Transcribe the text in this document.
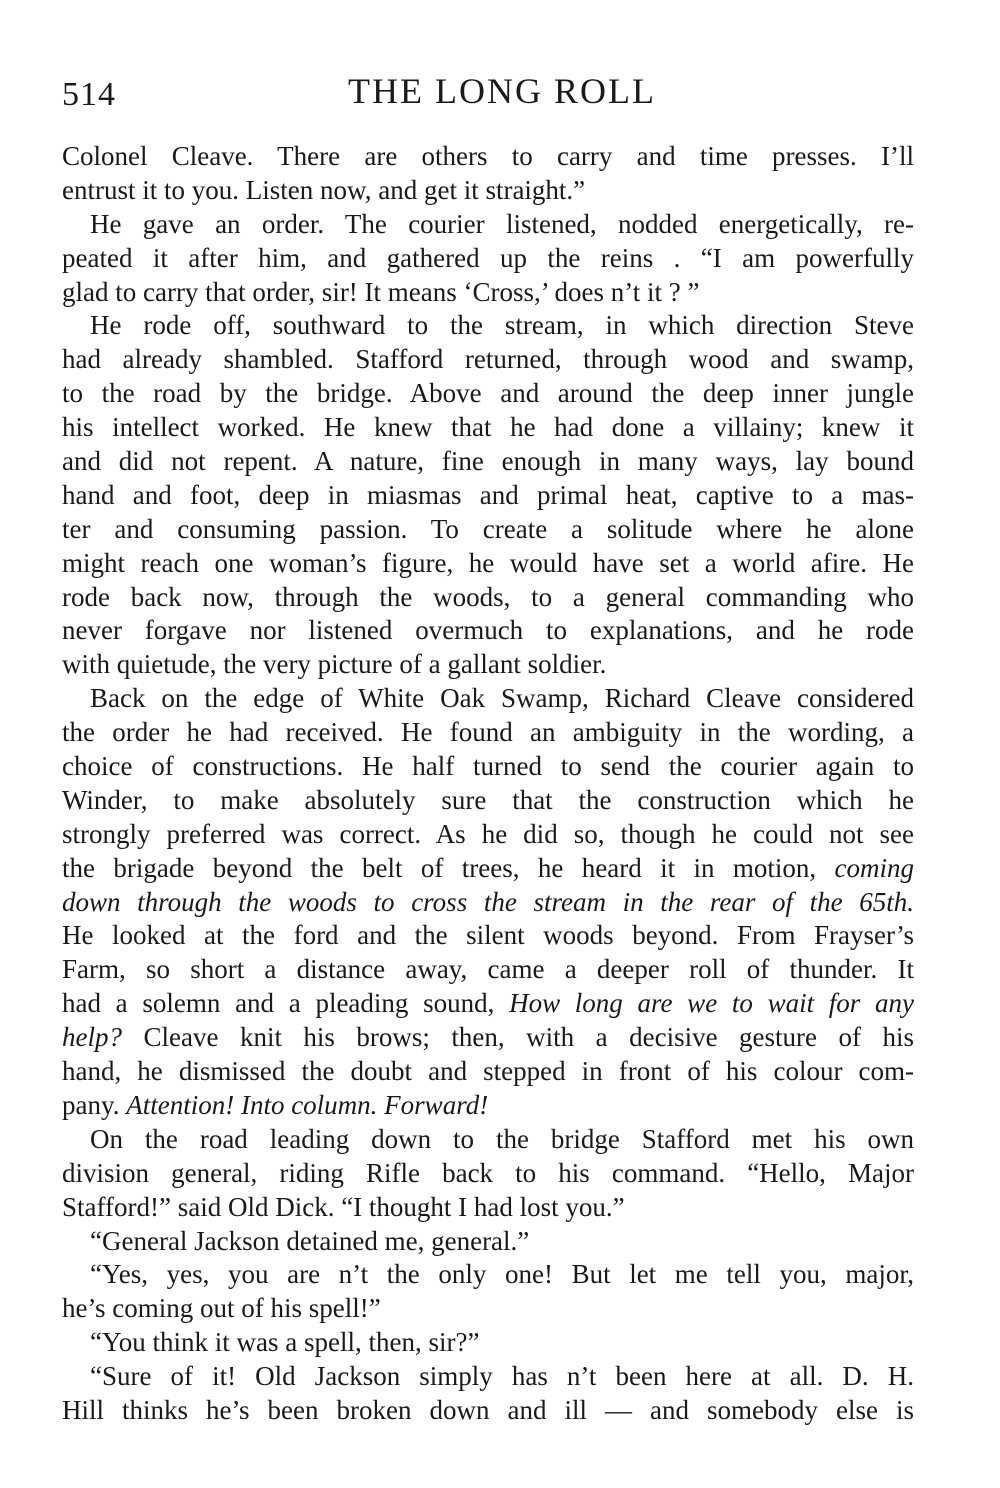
514	THE LONG ROLL
Colonel Cleave. There are others to carry and time presses. I’ll
entrust it to you. Listen now, and get it straight.”
He gave an order. The courier listened, nodded energetically, re-
peated it after him, and gathered up the reins . “I am powerfully
glad to carry that order, sir! It means ‘Cross,’ does n’t it ? ”
He rode off, southward to the stream, in which direction Steve
had already shambled. Stafford returned, through wood and swamp,
to the road by the bridge. Above and around the deep inner jungle
his intellect worked. He knew that he had done a villainy; knew it
and did not repent. A nature, fine enough in many ways, lay bound
hand and foot, deep in miasmas and primal heat, captive to a mas-
ter and consuming passion. To create a solitude where he alone
might reach one woman’s figure, he would have set a world afire. He
rode back now, through the woods, to a general commanding who
never forgave nor listened overmuch to explanations, and he rode
with quietude, the very picture of a gallant soldier.
Back on the edge of White Oak Swamp, Richard Cleave considered
the order he had received. He found an ambiguity in the wording, a
choice of constructions. He half turned to send the courier again to
Winder, to make absolutely sure that the construction which he
strongly preferred was correct. As he did so, though he could not see
the brigade beyond the belt of trees, he heard it in motion, coming
down through the woods to cross the stream in the rear of the 65th.
He looked at the ford and the silent woods beyond. From Frayser’s
Farm, so short a distance away, came a deeper roll of thunder. It
had a solemn and a pleading sound, How long are we to wait for any
help? Cleave knit his brows; then, with a decisive gesture of his
hand, he dismissed the doubt and stepped in front of his colour com-
pany. Attention! Into column. Forward!
On the road leading down to the bridge Stafford met his own
division general, riding Rifle back to his command. “Hello, Major
Stafford!” said Old Dick. “I thought I had lost you.”
“General Jackson detained me, general.”
“Yes, yes, you are n’t the only one! But let me tell you, major,
he’s coming out of his spell!”
“You think it was a spell, then, sir?”
“Sure of it! Old Jackson simply has n’t been here at all. D. H.
Hill thinks he’s been broken down and ill — and somebody else is
